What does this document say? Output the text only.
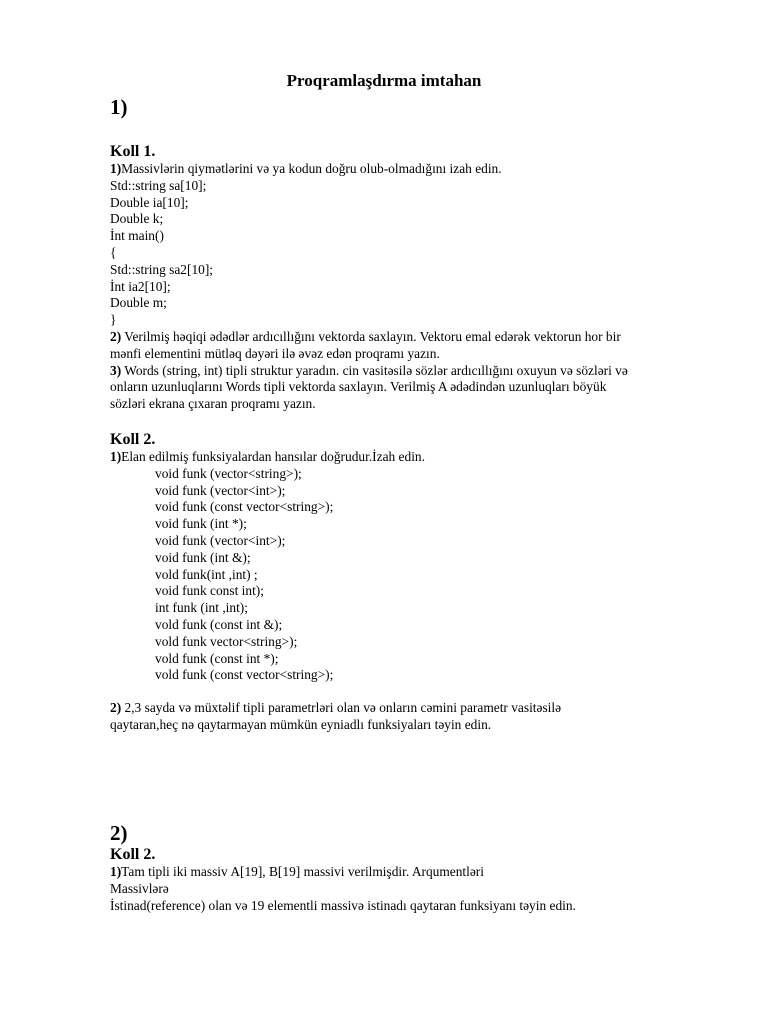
Proqramlaşdırma imtahan
1)
Koll 1.
1)Massivlərin qiymətlərini və ya kodun doğru olub-olmadığını izah edin.
Std::string sa[10];
Double ia[10];
Double k;
İnt main()
{
Std::string sa2[10];
İnt ia2[10];
Double m;
}
2) Verilmiş həqiqi ədədlər ardıcıllığını vektorda saxlayın. Vektoru emal edərək vektorun hor bir
mənfi elementini mütləq dəyəri ilə əvəz edən proqramı yazın.
3) Words (string, int) tipli struktur yaradın. cin vasitəsilə sözlər ardıcıllığını oxuyun və sözləri və
onların uzunluqlarını Words tipli vektorda saxlayın. Verilmiş A ədədindən uzunluqları böyük
sözləri ekrana çıxaran proqramı yazın.
Koll 2.
1)Elan edilmiş funksiyalardan hansılar doğrudur.İzah edin.
void funk (vector<string>);
void funk (vector<int>);
void funk (const vector<string>);
void funk (int *);
void funk (vector<int>);
void funk (int &);
vold funk(int ,int) ;
void funk const int);
int funk (int ,int);
vold funk (const int &);
vold funk vector<string>);
vold funk (const int *);
vold funk (const vector<string>);
2) 2,3 sayda və müxtəlif tipli parametrləri olan və onların cəmini parametr vasitəsilə
qaytaran,heç nə qaytarmayan mümkün eyniadlı funksiyaları təyin edin.
2)
Koll 2.
1)Tam tipli iki massiv A[19], B[19] massivi verilmişdir. Arqumentləri
Massivlərə
İstinad(reference) olan və 19 elementli massivə istinadı qaytaran funksiyanı təyin edin.
